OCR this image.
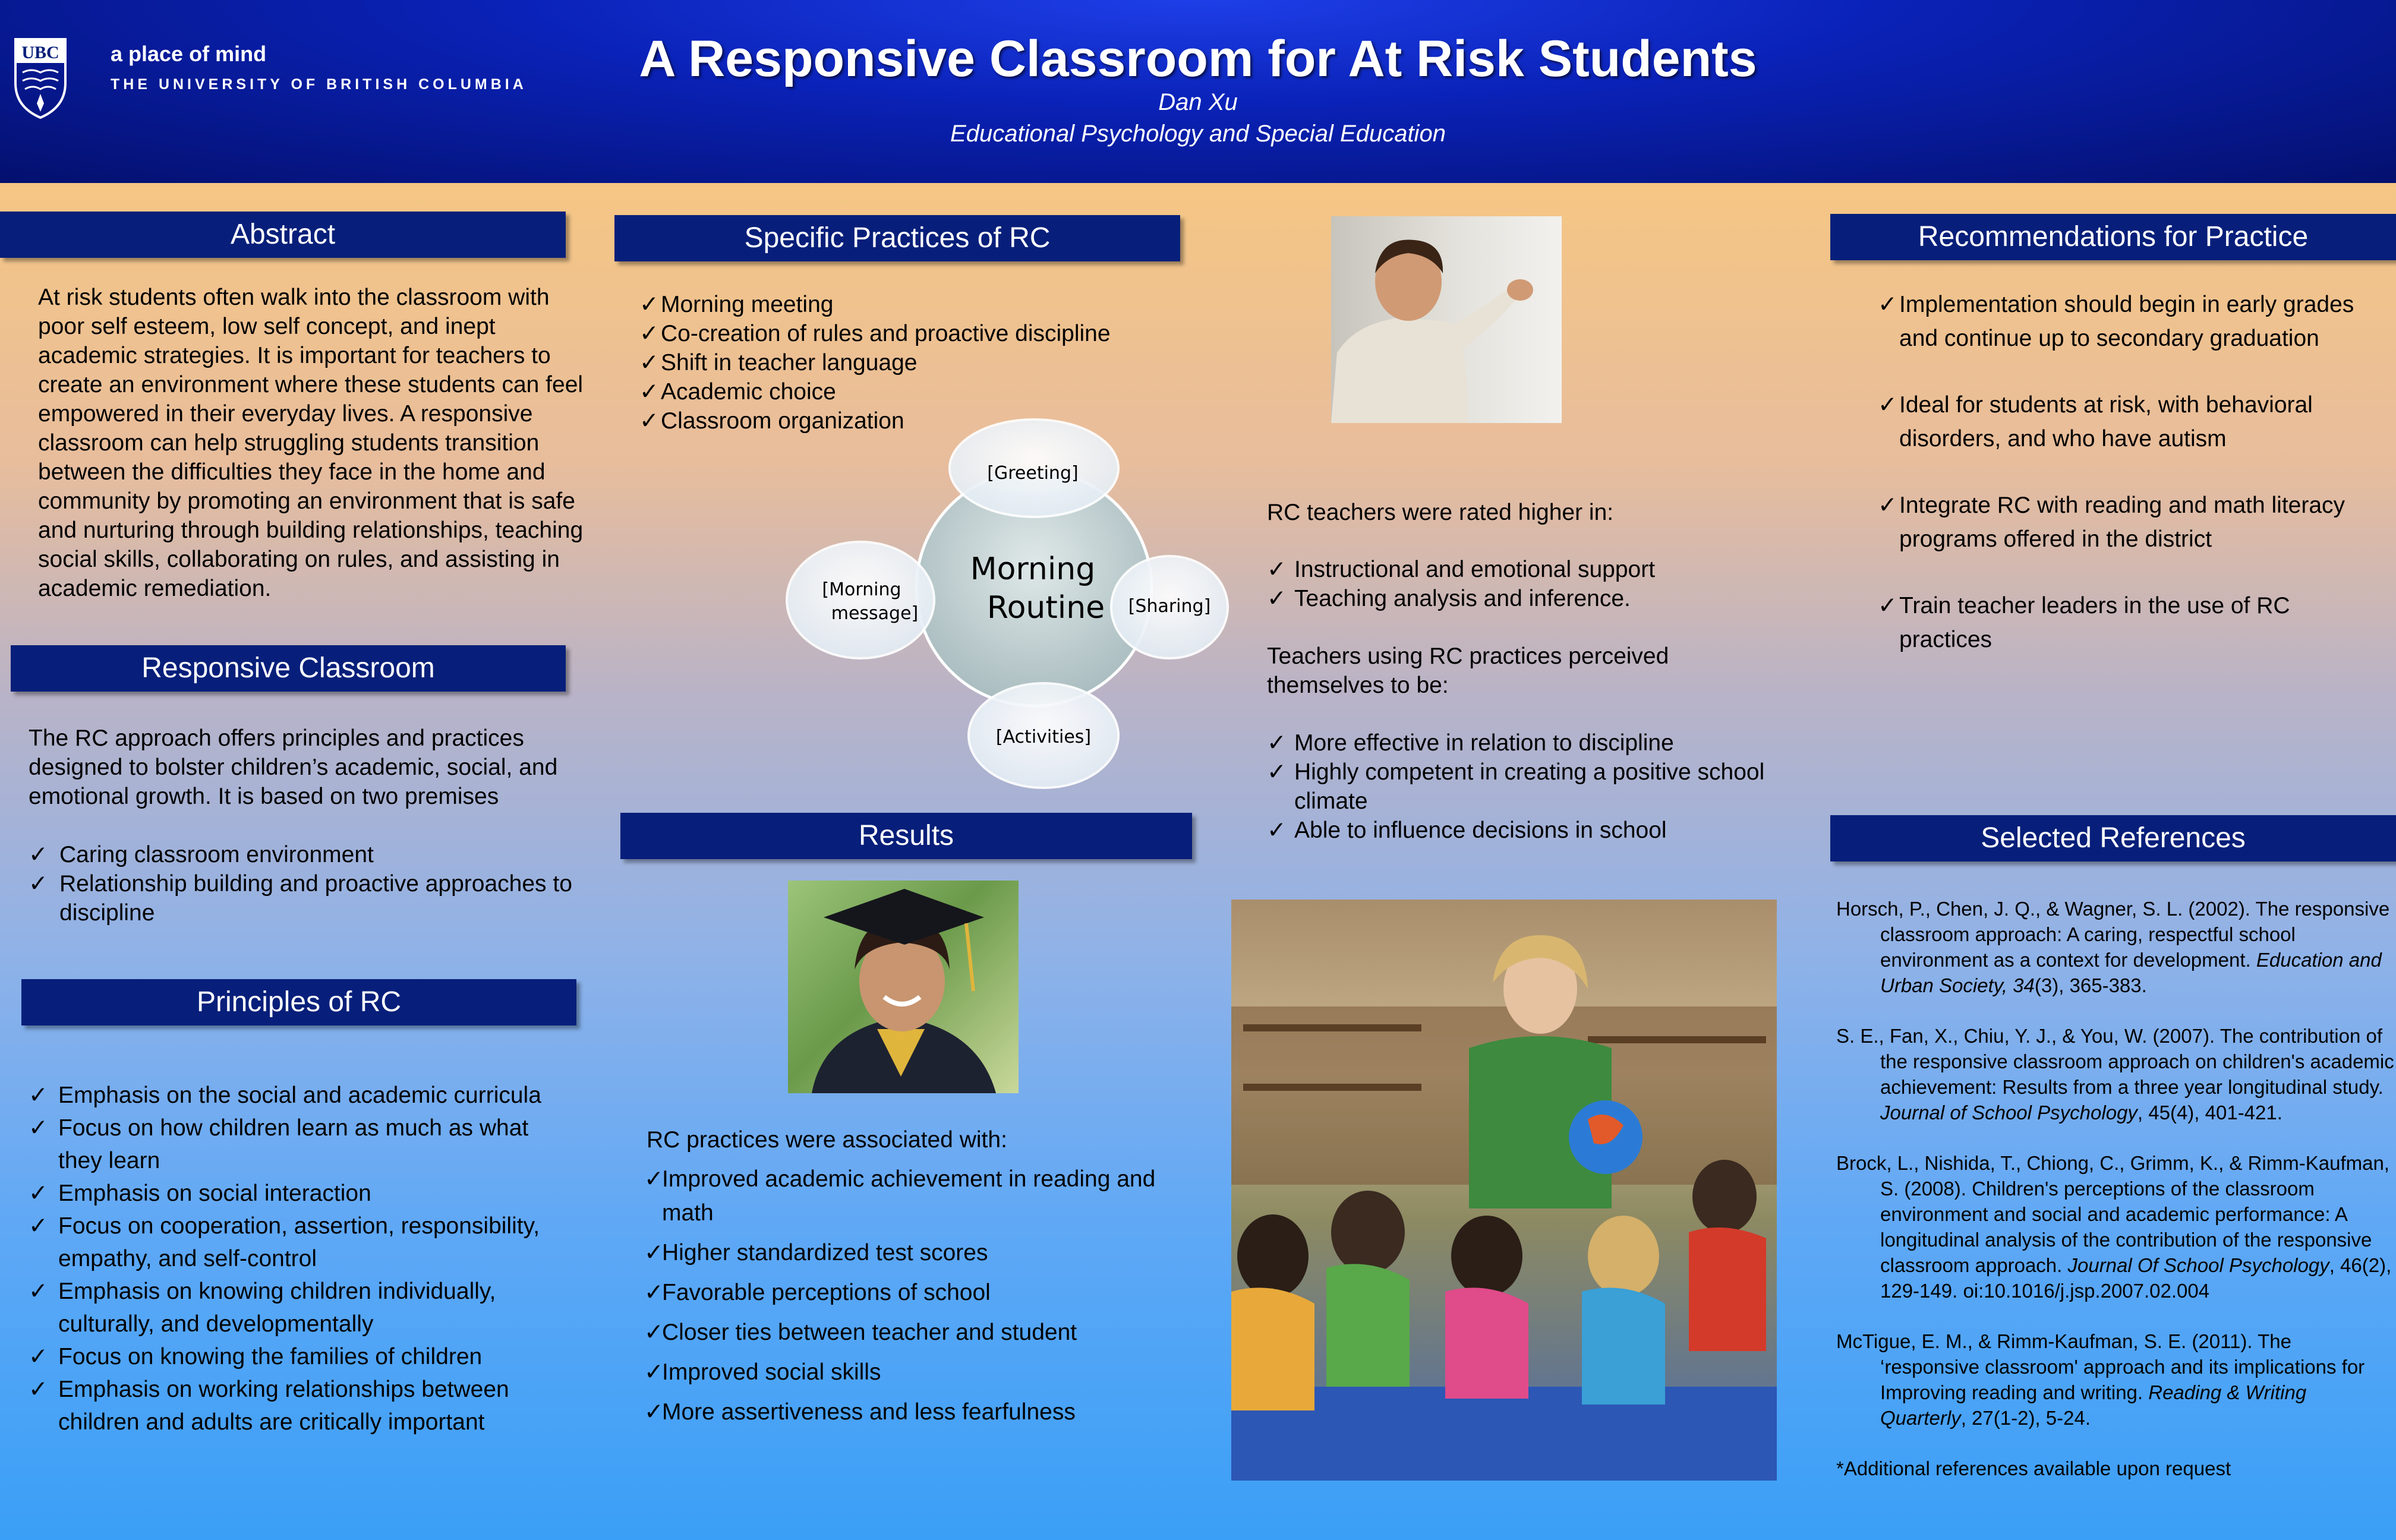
UBC a place of mind
THE UNIVERSITY OF BRITISH COLUMBIA	A Responsive Classroom for At Risk Students
Dan Xu
Educational Psychology and Special Education
Abstract
At risk students often walk into the classroom with poor self esteem, low self concept, and inept academic strategies. It is important for teachers to create an environment where these students can feel empowered in their everyday lives. A responsive classroom can help struggling students transition between the difficulties they face in the home and community by promoting an environment that is safe and nurturing through building relationships, teaching social skills, collaborating on rules, and assisting in academic remediation.
Responsive Classroom
The RC approach offers principles and practices designed to bolster children’s academic, social, and emotional growth. It is based on two premises
✓ Caring classroom environment
✓ Relationship building and proactive approaches to discipline
Principles of RC
✓ Emphasis on the social and academic curricula
✓ Focus on how children learn as much as what they learn
✓ Emphasis on social interaction
✓ Focus on cooperation, assertion, responsibility, empathy, and self-control
✓ Emphasis on knowing children individually, culturally, and developmentally
✓ Focus on knowing the families of children
✓ Emphasis on working relationships between children and adults are critically important
Specific Practices of RC
✓ Morning meeting
✓ Co-creation of rules and proactive discipline
✓ Shift in teacher language
✓ Academic choice
✓ Classroom organization
Morning
Routine
[Greeting]
[Sharing]
[Activities]
[Morning
message]
Results
RC practices were associated with:
✓
Improved academic achievement in reading and math
✓
Higher standardized test scores
✓
Favorable perceptions of school
✓
Closer ties between teacher and student
✓
Improved social skills
✓
More assertiveness and less fearfulness
RC teachers were rated higher in:
✓ Instructional and emotional support
✓ Teaching analysis and inference.
Teachers using RC practices perceived themselves to be:
✓ More effective in relation to discipline
✓ Highly competent in creating a positive school climate
✓ Able to influence decisions in school
Recommendations for Practice
✓ Implementation should begin in early grades and continue up to secondary graduation
✓ Ideal for students at risk, with behavioral disorders, and who have autism
✓ Integrate RC with reading and math literacy programs offered in the district
✓ Train teacher leaders in the use of RC practices
Selected References

Horsch, P., Chen, J. Q., & Wagner, S. L. (2002). The responsive classroom approach: A caring, respectful school environment as a context for development. Education and Urban Society, 34(3), 365-383.

S. E., Fan, X., Chiu, Y. J., & You, W. (2007). The contribution of the responsive classroom approach on children's academic achievement: Results from a three year longitudinal study. Journal of School Psychology, 45(4), 401-421.

Brock, L., Nishida, T., Chiong, C., Grimm, K., & Rimm-Kaufman, S. (2008). Children's perceptions of the classroom environment and social and academic performance: A longitudinal analysis of the contribution of the responsive classroom approach. Journal Of School Psychology, 46(2), 129-149. oi:10.1016/j.jsp.2007.02.004

McTigue, E. M., & Rimm-Kaufman, S. E. (2011). The ‘responsive classroom' approach and its implications for Improving reading and writing. Reading & Writing Quarterly, 27(1-2), 5-24.

*Additional references available upon request
